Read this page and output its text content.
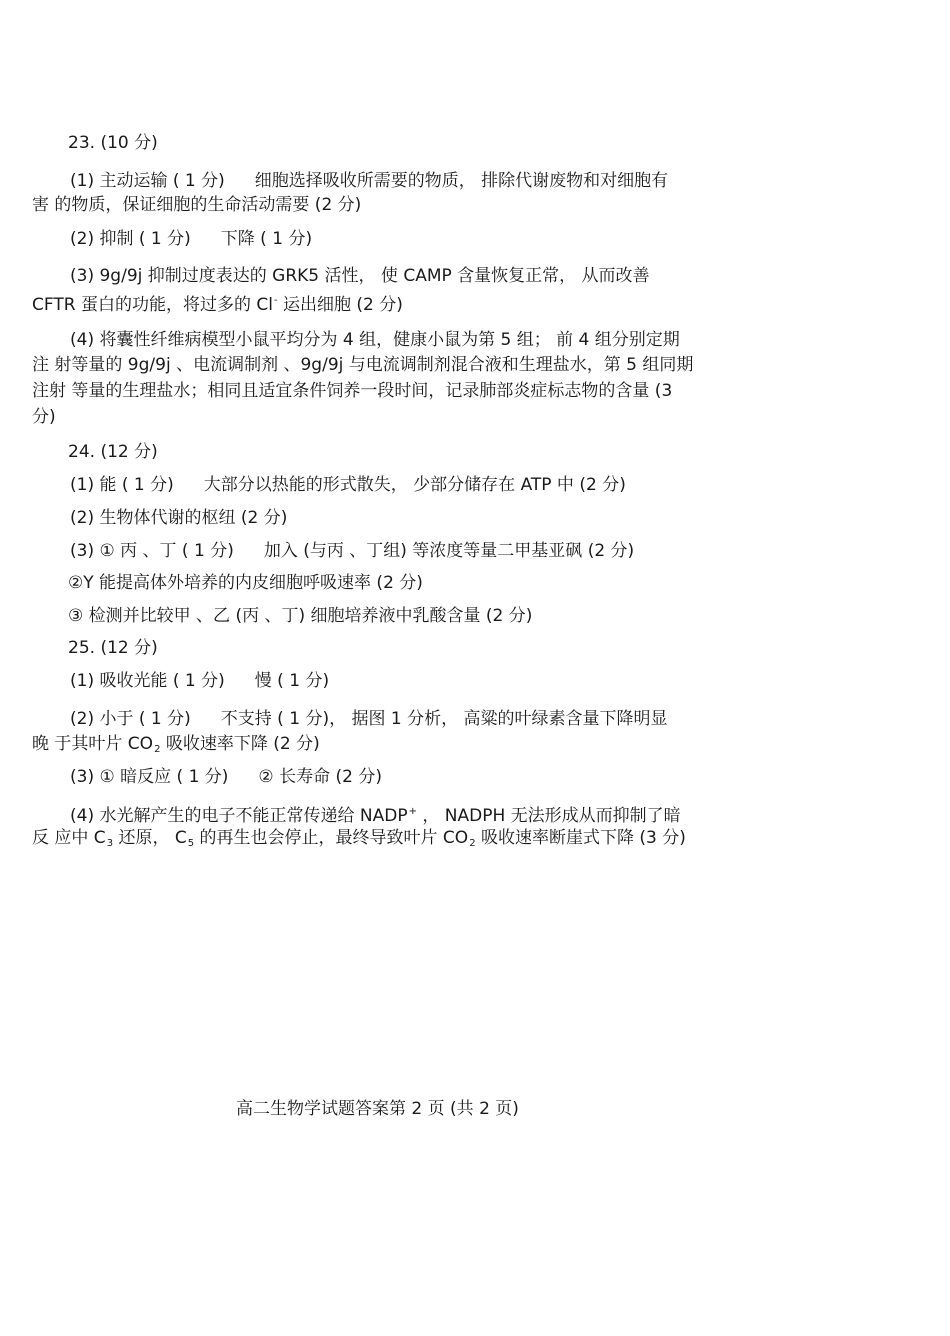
23. (10 分)
(1) 主动运输 ( 1 分) 细胞选择吸收所需要的物质， 排除代谢废物和对细胞有
害 的物质，保证细胞的生命活动需要 (2 分)
(2) 抑制 ( 1 分) 下降 ( 1 分)
(3) 9g/9j 抑制过度表达的 GRK5 活性， 使 CAMP 含量恢复正常， 从而改善
CFTR 蛋白的功能，将过多的 Cl- 运出细胞 (2 分)
(4) 将囊性纤维病模型小鼠平均分为 4 组，健康小鼠为第 5 组； 前 4 组分别定期
注 射等量的 9g/9j 、电流调制剂 、9g/9j 与电流调制剂混合液和生理盐水，第 5 组同期
注射 等量的生理盐水；相同且适宜条件饲养一段时间，记录肺部炎症标志物的含量 (3
分)
24. (12 分)
(1) 能 ( 1 分) 大部分以热能的形式散失， 少部分储存在 ATP 中 (2 分)
(2) 生物体代谢的枢纽 (2 分)
(3) ① 丙 、丁 ( 1 分) 加入 (与丙 、丁组) 等浓度等量二甲基亚砜 (2 分)
②Y 能提高体外培养的内皮细胞呼吸速率 (2 分)
③ 检测并比较甲 、乙 (丙 、丁) 细胞培养液中乳酸含量 (2 分)
25. (12 分)
(1) 吸收光能 ( 1 分) 慢 ( 1 分)
(2) 小于 ( 1 分) 不支持 ( 1 分)， 据图 1 分析， 高粱的叶绿素含量下降明显
晚 于其叶片 $CO_2$ 吸收速率下降 (2 分)
(3) ① 暗反应 ( 1 分) ② 长寿命 (2 分)
(4) 水光解产生的电子不能正常传递给 NADP+ ， NADPH 无法形成从而抑制了暗
反 应中 $C_3$ 还原， $C_5$ 的再生也会停止，最终导致叶片 $CO_2$ 吸收速率断崖式下降 (3 分)
高二生物学试题答案第 2 页 (共 2 页)
